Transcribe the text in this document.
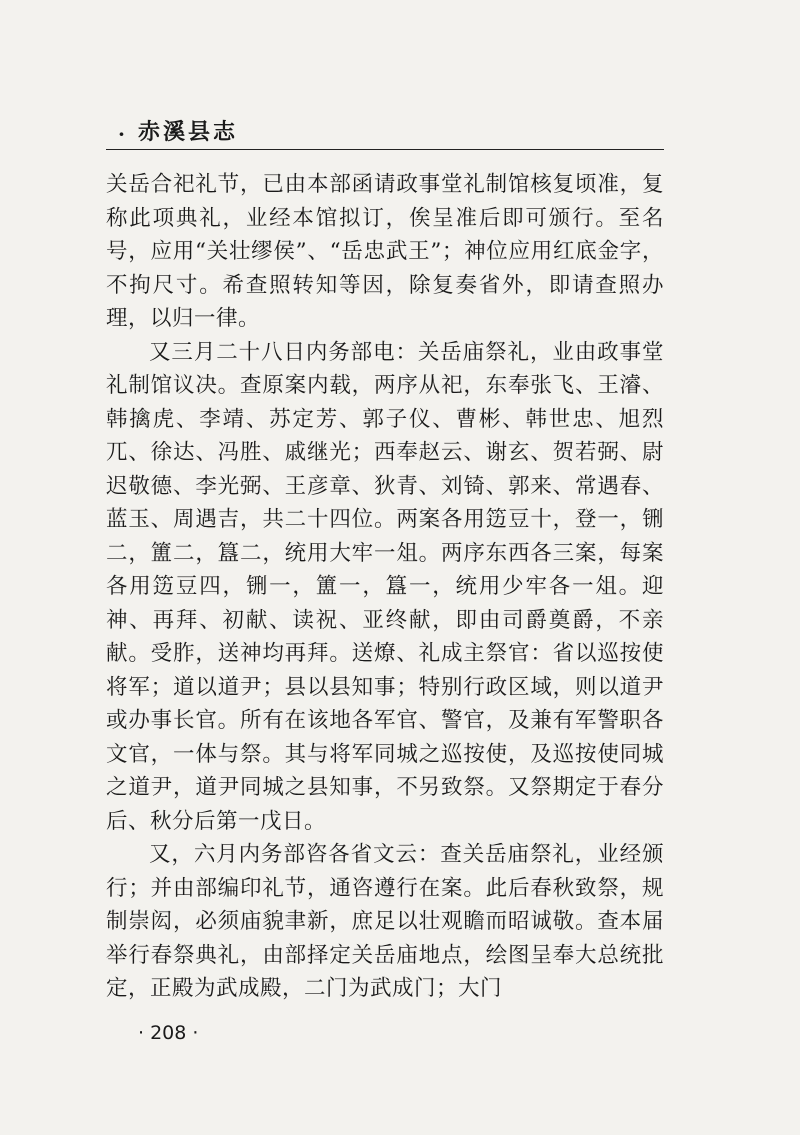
· 赤溪县志

关岳合祀礼节，已由本部函请政事堂礼制馆核复顷准，复称此项典礼，业经本馆拟订，俟呈准后即可颁行。至名号，应用“关壮缪侯”、“岳忠武王”；神位应用红底金字，不拘尺寸。希查照转知等因，除复奏省外，即请查照办理，以归一律。

又三月二十八日内务部电：关岳庙祭礼，业由政事堂礼制馆议决。查原案内载，两序从祀，东奉张飞、王濬、韩擒虎、李靖、苏定芳、郭子仪、曹彬、韩世忠、旭烈兀、徐达、冯胜、戚继光；西奉赵云、谢玄、贺若弼、尉迟敬德、李光弼、王彦章、狄青、刘锜、郭来、常遇春、蓝玉、周遇吉，共二十四位。两案各用笾豆十，登一，铏二，簠二，簋二，统用大牢一俎。两序东西各三案，每案各用笾豆四，铏一，簠一，簋一，统用少牢各一俎。迎神、再拜、初献、读祝、亚终献，即由司爵奠爵，不亲献。受胙，送神均再拜。送燎、礼成主祭官：省以巡按使将军；道以道尹；县以县知事；特别行政区域，则以道尹或办事长官。所有在该地各军官、警官，及兼有军警职各文官，一体与祭。其与将军同城之巡按使，及巡按使同城之道尹，道尹同城之县知事，不另致祭。又祭期定于春分后、秋分后第一戊日。

又，六月内务部咨各省文云：查关岳庙祭礼，业经颁行；并由部编印礼节，通咨遵行在案。此后春秋致祭，规制崇闳，必须庙貌聿新，庶足以壮观瞻而昭诚敬。查本届举行春祭典礼，由部择定关岳庙地点，绘图呈奉大总统批定，正殿为武成殿，二门为武成门；大门

· 208 ·
